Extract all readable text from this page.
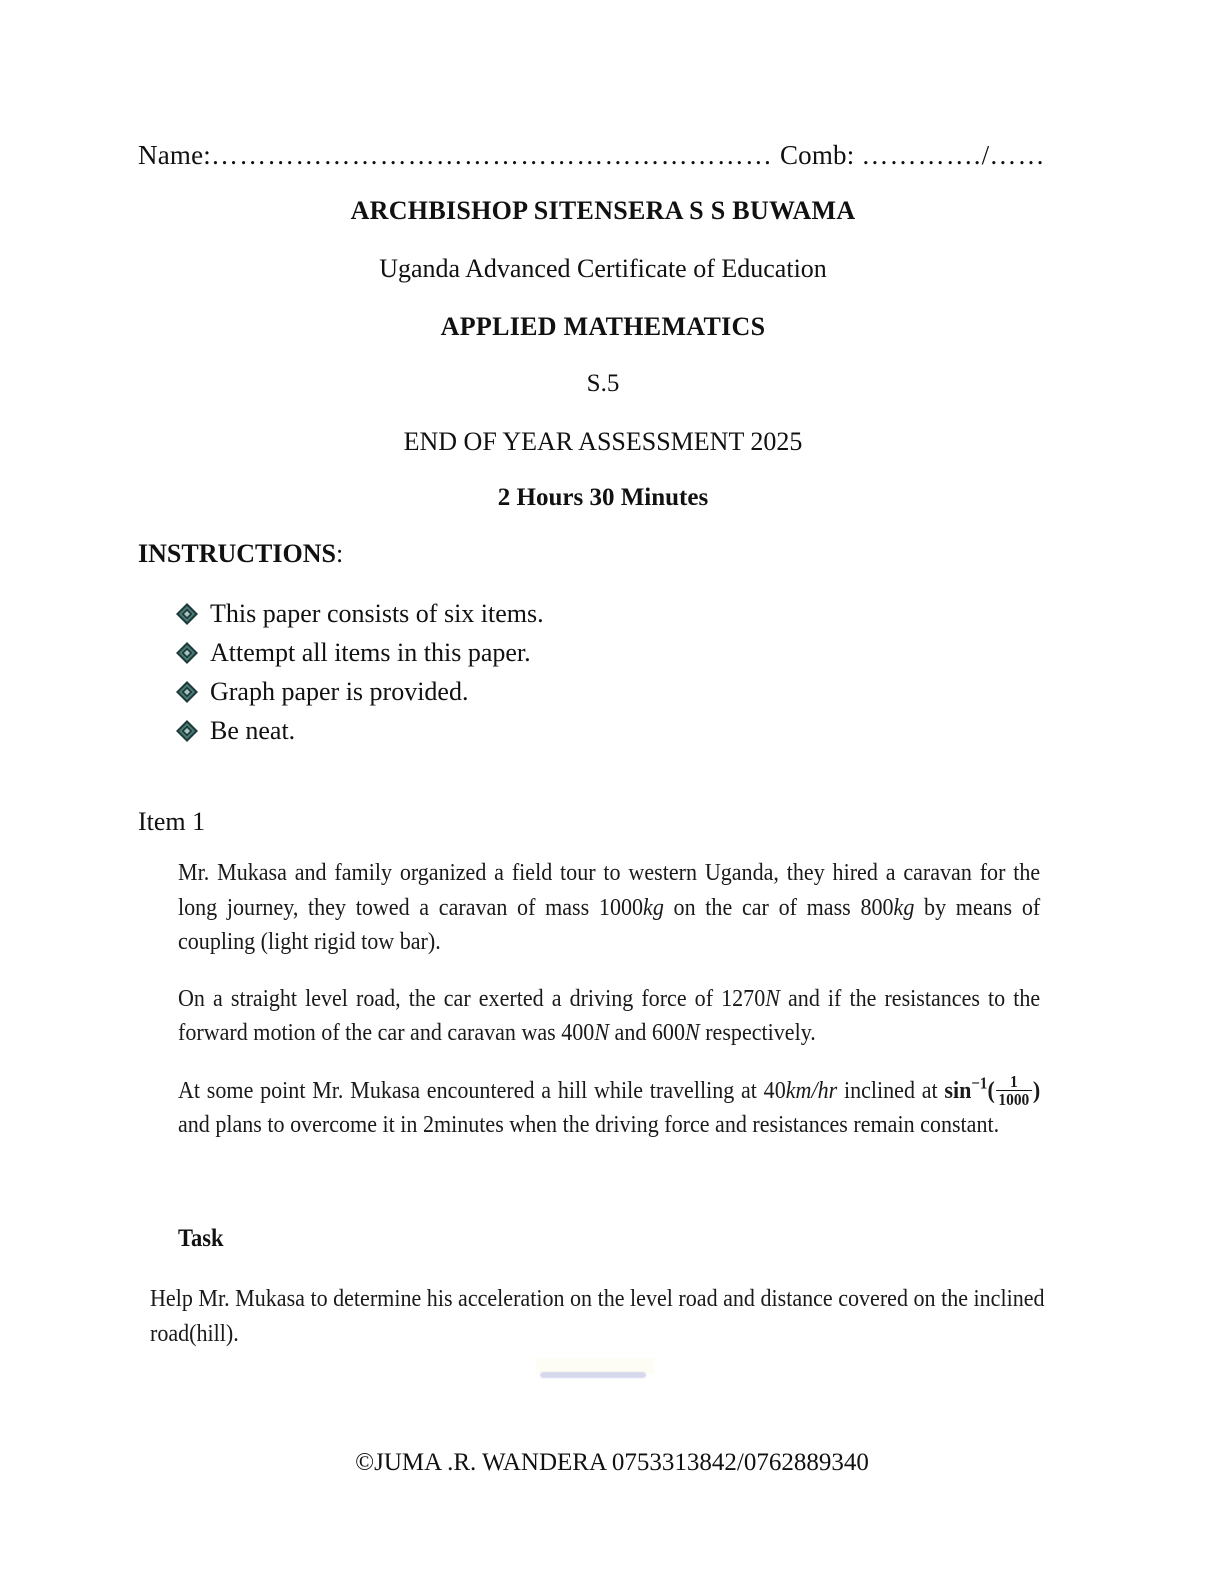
Name:…………………………………………………… Comb: …………./……
ARCHBISHOP SITENSERA S S BUWAMA
Uganda Advanced Certificate of Education
APPLIED MATHEMATICS
S.5
END OF YEAR ASSESSMENT 2025
2 Hours 30 Minutes
INSTRUCTIONS:
This paper consists of six items.
Attempt all items in this paper.
Graph paper is provided.
Be neat.
Item 1

Mr. Mukasa and family organized a field tour to western Uganda, they hired a caravan for the long journey, they towed a caravan of mass 1000kg on the car of mass 800kg by means of coupling (light rigid tow bar).

On a straight level road, the car exerted a driving force of 1270N and if the resistances to the forward motion of the car and caravan was 400N and 600N respectively.

At some point Mr. Mukasa encountered a hill while travelling at 40km/hr inclined at $\sin^{-1}( \frac{1}{1000}$ ) and plans to overcome it in 2minutes when the driving force and resistances remain constant.

Task

Help Mr. Mukasa to determine his acceleration on the level road and distance covered on the inclined road(hill).

©JUMA .R. WANDERA 0753313842/0762889340
